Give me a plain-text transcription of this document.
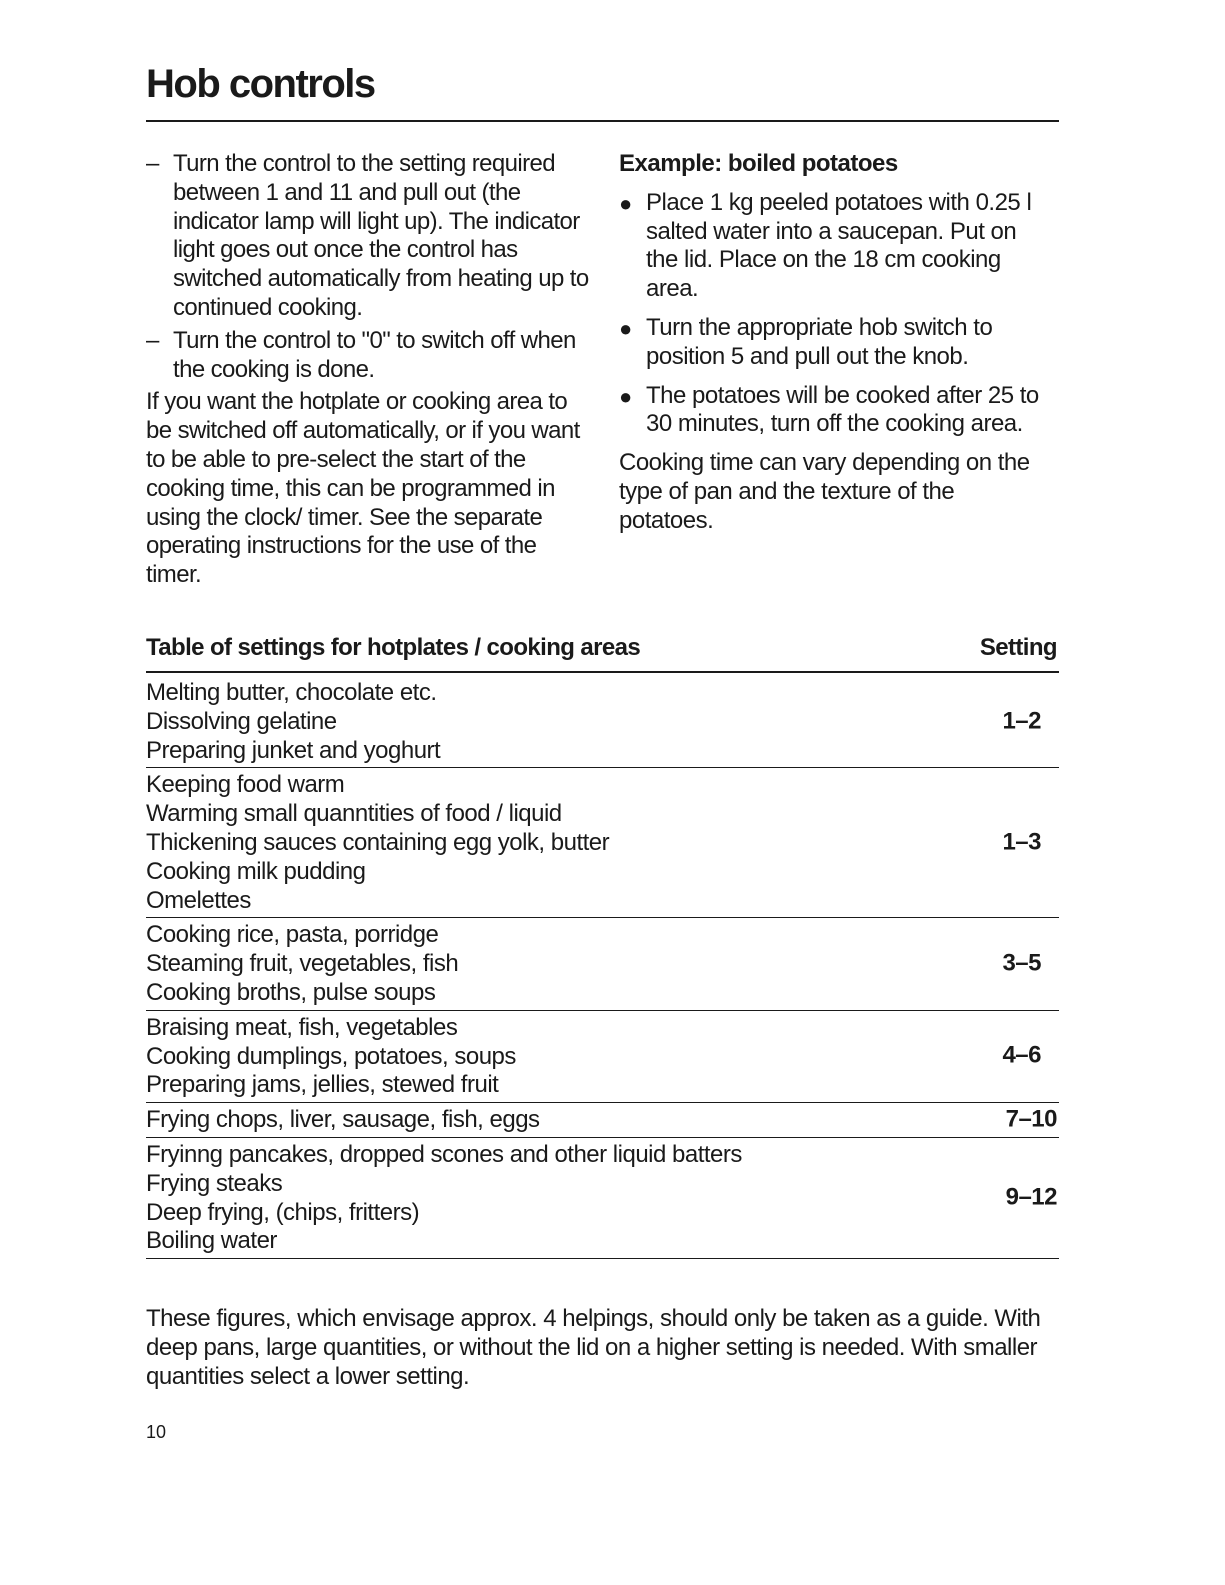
Hob controls
– Turn the control to the setting required between 1 and 11 and pull out (the indicator lamp will light up). The indicator light goes out once the control has switched automatically from heating up to continued cooking.
– Turn the control to "0" to switch off when the cooking is done.

If you want the hotplate or cooking area to be switched off automatically, or if you want to be able to pre-select the start of the cooking time, this can be programmed in using the clock/ timer. See the separate operating instructions for the use of the timer.

Example: boiled potatoes
● Place 1 kg peeled potatoes with 0.25 l salted water into a saucepan. Put on the lid. Place on the 18 cm cooking area.
● Turn the appropriate hob switch to position 5 and pull out the knob.
● The potatoes will be cooked after 25 to 30 minutes, turn off the cooking area.

Cooking time can vary depending on the type of pan and the texture of the potatoes.

Table of settings for hotplates / cooking areas	Setting
Melting butter, chocolate etc.
Dissolving gelatine
Preparing junket and yoghurt
1–2
Keeping food warm
Warming small quanntities of food / liquid
Thickening sauces containing egg yolk, butter
Cooking milk pudding
Omelettes
1–3
Cooking rice, pasta, porridge
Steaming fruit, vegetables, fish
Cooking broths, pulse soups
3–5
Braising meat, fish, vegetables
Cooking dumplings, potatoes, soups
Preparing jams, jellies, stewed fruit
4–6
Frying chops, liver, sausage, fish, eggs	7–10
Fryinng pancakes, dropped scones and other liquid batters
Frying steaks
Deep frying, (chips, fritters)
Boiling water
9–12

These figures, which envisage approx. 4 helpings, should only be taken as a guide. With deep pans, large quantities, or without the lid on a higher setting is needed. With smaller quantities select a lower setting.

10
